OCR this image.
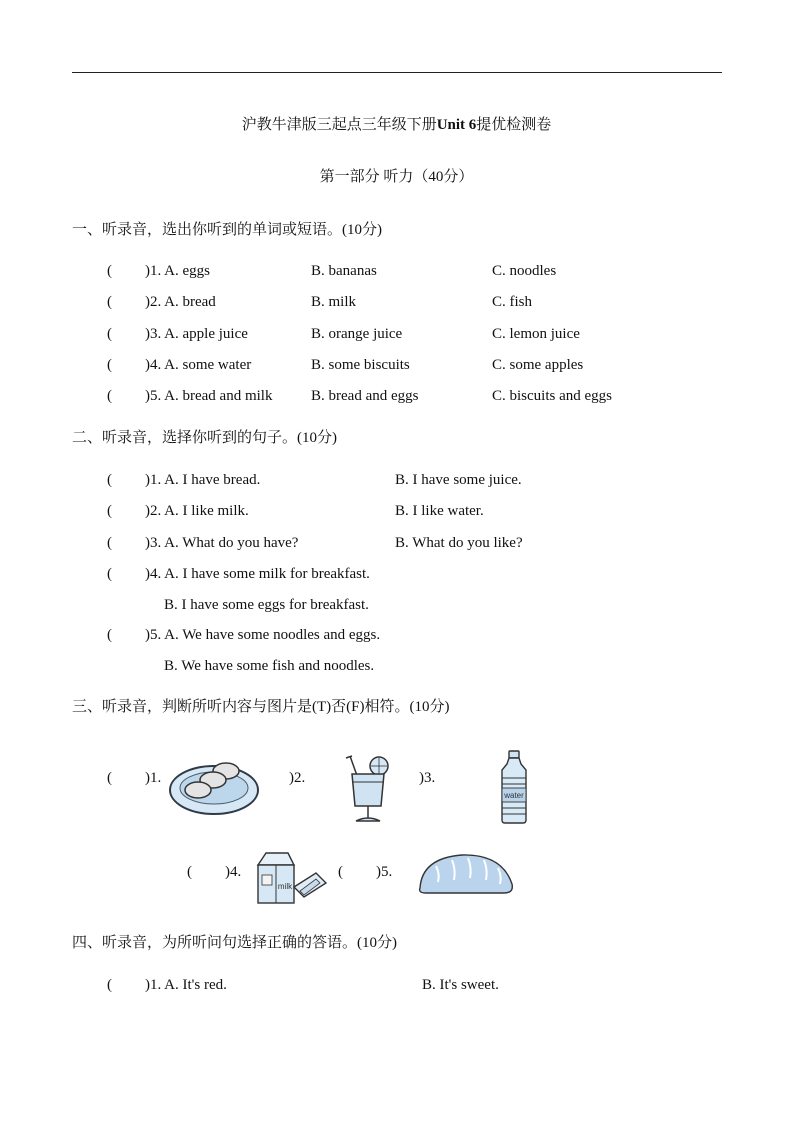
沪教牛津版三起点三年级下册Unit 6提优检测卷
第一部分 听力（40分）
一、听录音，选出你听到的单词或短语。(10分)
( )1. A. eggs	B. bananas	C. noodles
( )2. A. bread	B. milk	C. fish
( )3. A. apple juice	B. orange juice	C. lemon juice
( )4. A. some water	B. some biscuits	C. some apples
( )5. A. bread and milk	B. bread and eggs	C. biscuits and eggs
二、听录音，选择你听到的句子。(10分)
( )1. A. I have bread.	B. I have some juice.
( )2. A. I like milk.	B. I like water.
( )3. A. What do you have?	B. What do you like?
( )4. A. I have some milk for breakfast.
B. I have some eggs for breakfast.
( )5. A. We have some noodles and eggs.
B. We have some fish and noodles.
三、听录音，判断所听内容与图片是(T)否(F)相符。(10分)
( )1.	)2.	)3.
water
( )4.	( )5.
milk
四、听录音，为所听问句选择正确的答语。(10分)
( )1. A. It's red.	B. It's sweet.
